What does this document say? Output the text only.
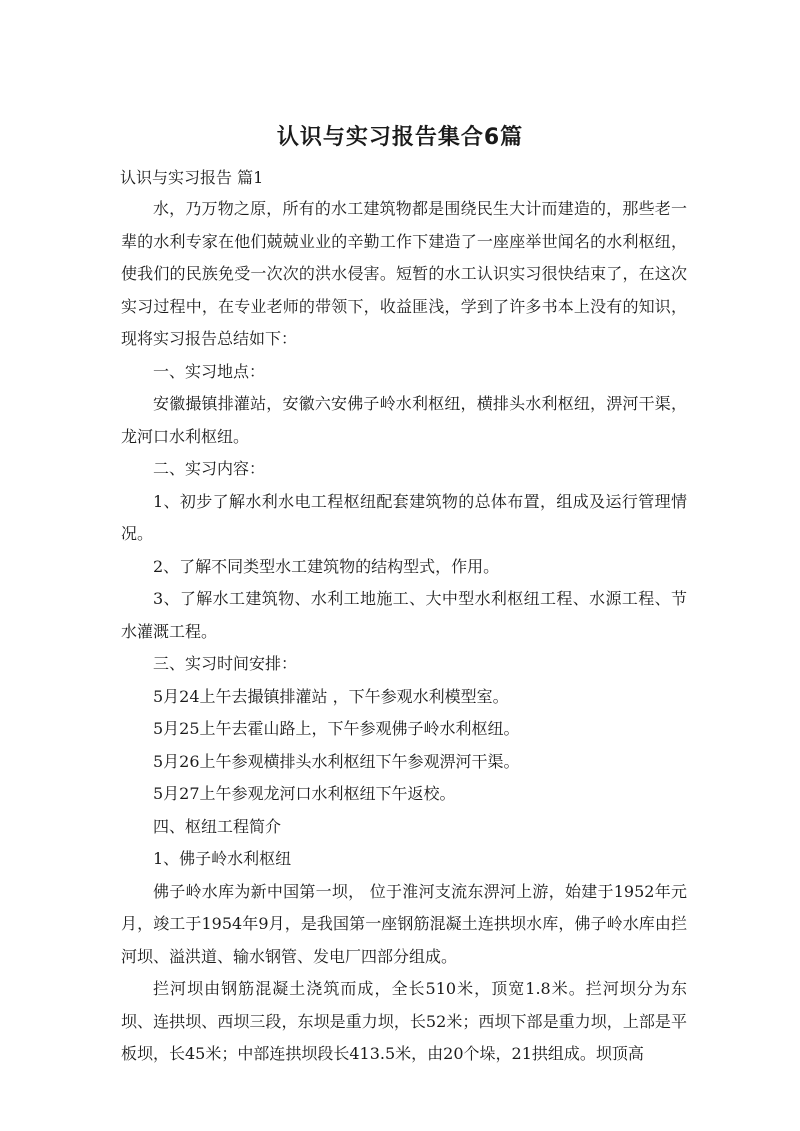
认识与实习报告集合6篇
认识与实习报告 篇1

水，乃万物之原，所有的水工建筑物都是围绕民生大计而建造的，那些老一辈的水利专家在他们兢兢业业的辛勤工作下建造了一座座举世闻名的水利枢纽，使我们的民族免受一次次的洪水侵害。短暂的水工认识实习很快结束了，在这次实习过程中，在专业老师的带领下，收益匪浅，学到了许多书本上没有的知识， 现将实习报告总结如下：

一、实习地点：

安徽撮镇排灌站，安徽六安佛子岭水利枢纽，横排头水利枢纽，淠河干渠，龙河口水利枢纽。

二、实习内容：

1、初步了解水利水电工程枢纽配套建筑物的总体布置，组成及运行管理情况。

2、了解不同类型水工建筑物的结构型式，作用。

3、了解水工建筑物、水利工地施工、大中型水利枢纽工程、水源工程、节水灌溉工程。

三、实习时间安排：

5月24上午去撮镇排灌站 ，下午参观水利模型室。

5月25上午去霍山路上，下午参观佛子岭水利枢纽。

5月26上午参观横排头水利枢纽下午参观淠河干渠。

5月27上午参观龙河口水利枢纽下午返校。

四、枢纽工程简介

1、佛子岭水利枢纽

佛子岭水库为新中国第一坝， 位于淮河支流东淠河上游，始建于1952年元月，竣工于1954年9月，是我国第一座钢筋混凝土连拱坝水库，佛子岭水库由拦河坝、溢洪道、输水钢管、发电厂四部分组成。

拦河坝由钢筋混凝土浇筑而成，全长510米，顶宽1.8米。拦河坝分为东坝、连拱坝、西坝三段，东坝是重力坝，长52米；西坝下部是重力坝，上部是平板坝，长45米；中部连拱坝段长413.5米，由20个垛，21拱组成。坝顶高
